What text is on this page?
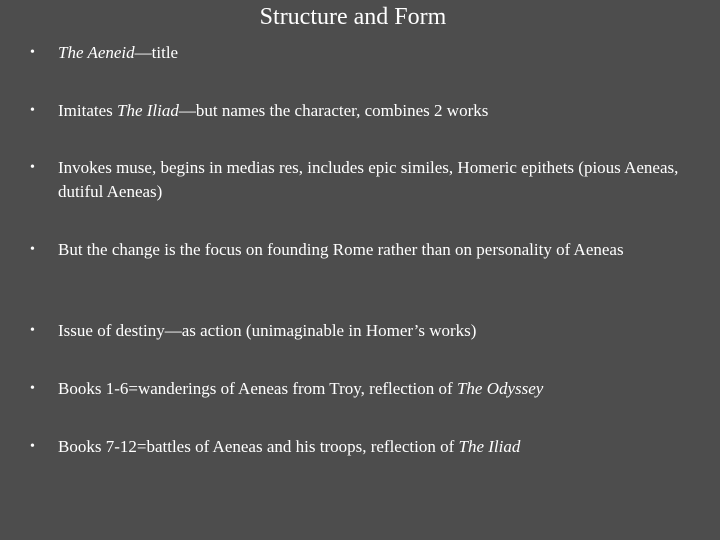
Structure and Form
•	The Aeneid—title
•	Imitates The Iliad—but names the character, combines 2 works
•	Invokes muse, begins in medias res, includes epic similes, Homeric epithets (pious Aeneas, dutiful Aeneas)
•	But the change is the focus on founding Rome rather than on personality of Aeneas
•	Issue of destiny—as action (unimaginable in Homer’s works)
•	Books 1-6=wanderings of Aeneas from Troy, reflection of The Odyssey
•	Books 7-12=battles of Aeneas and his troops, reflection of The Iliad
